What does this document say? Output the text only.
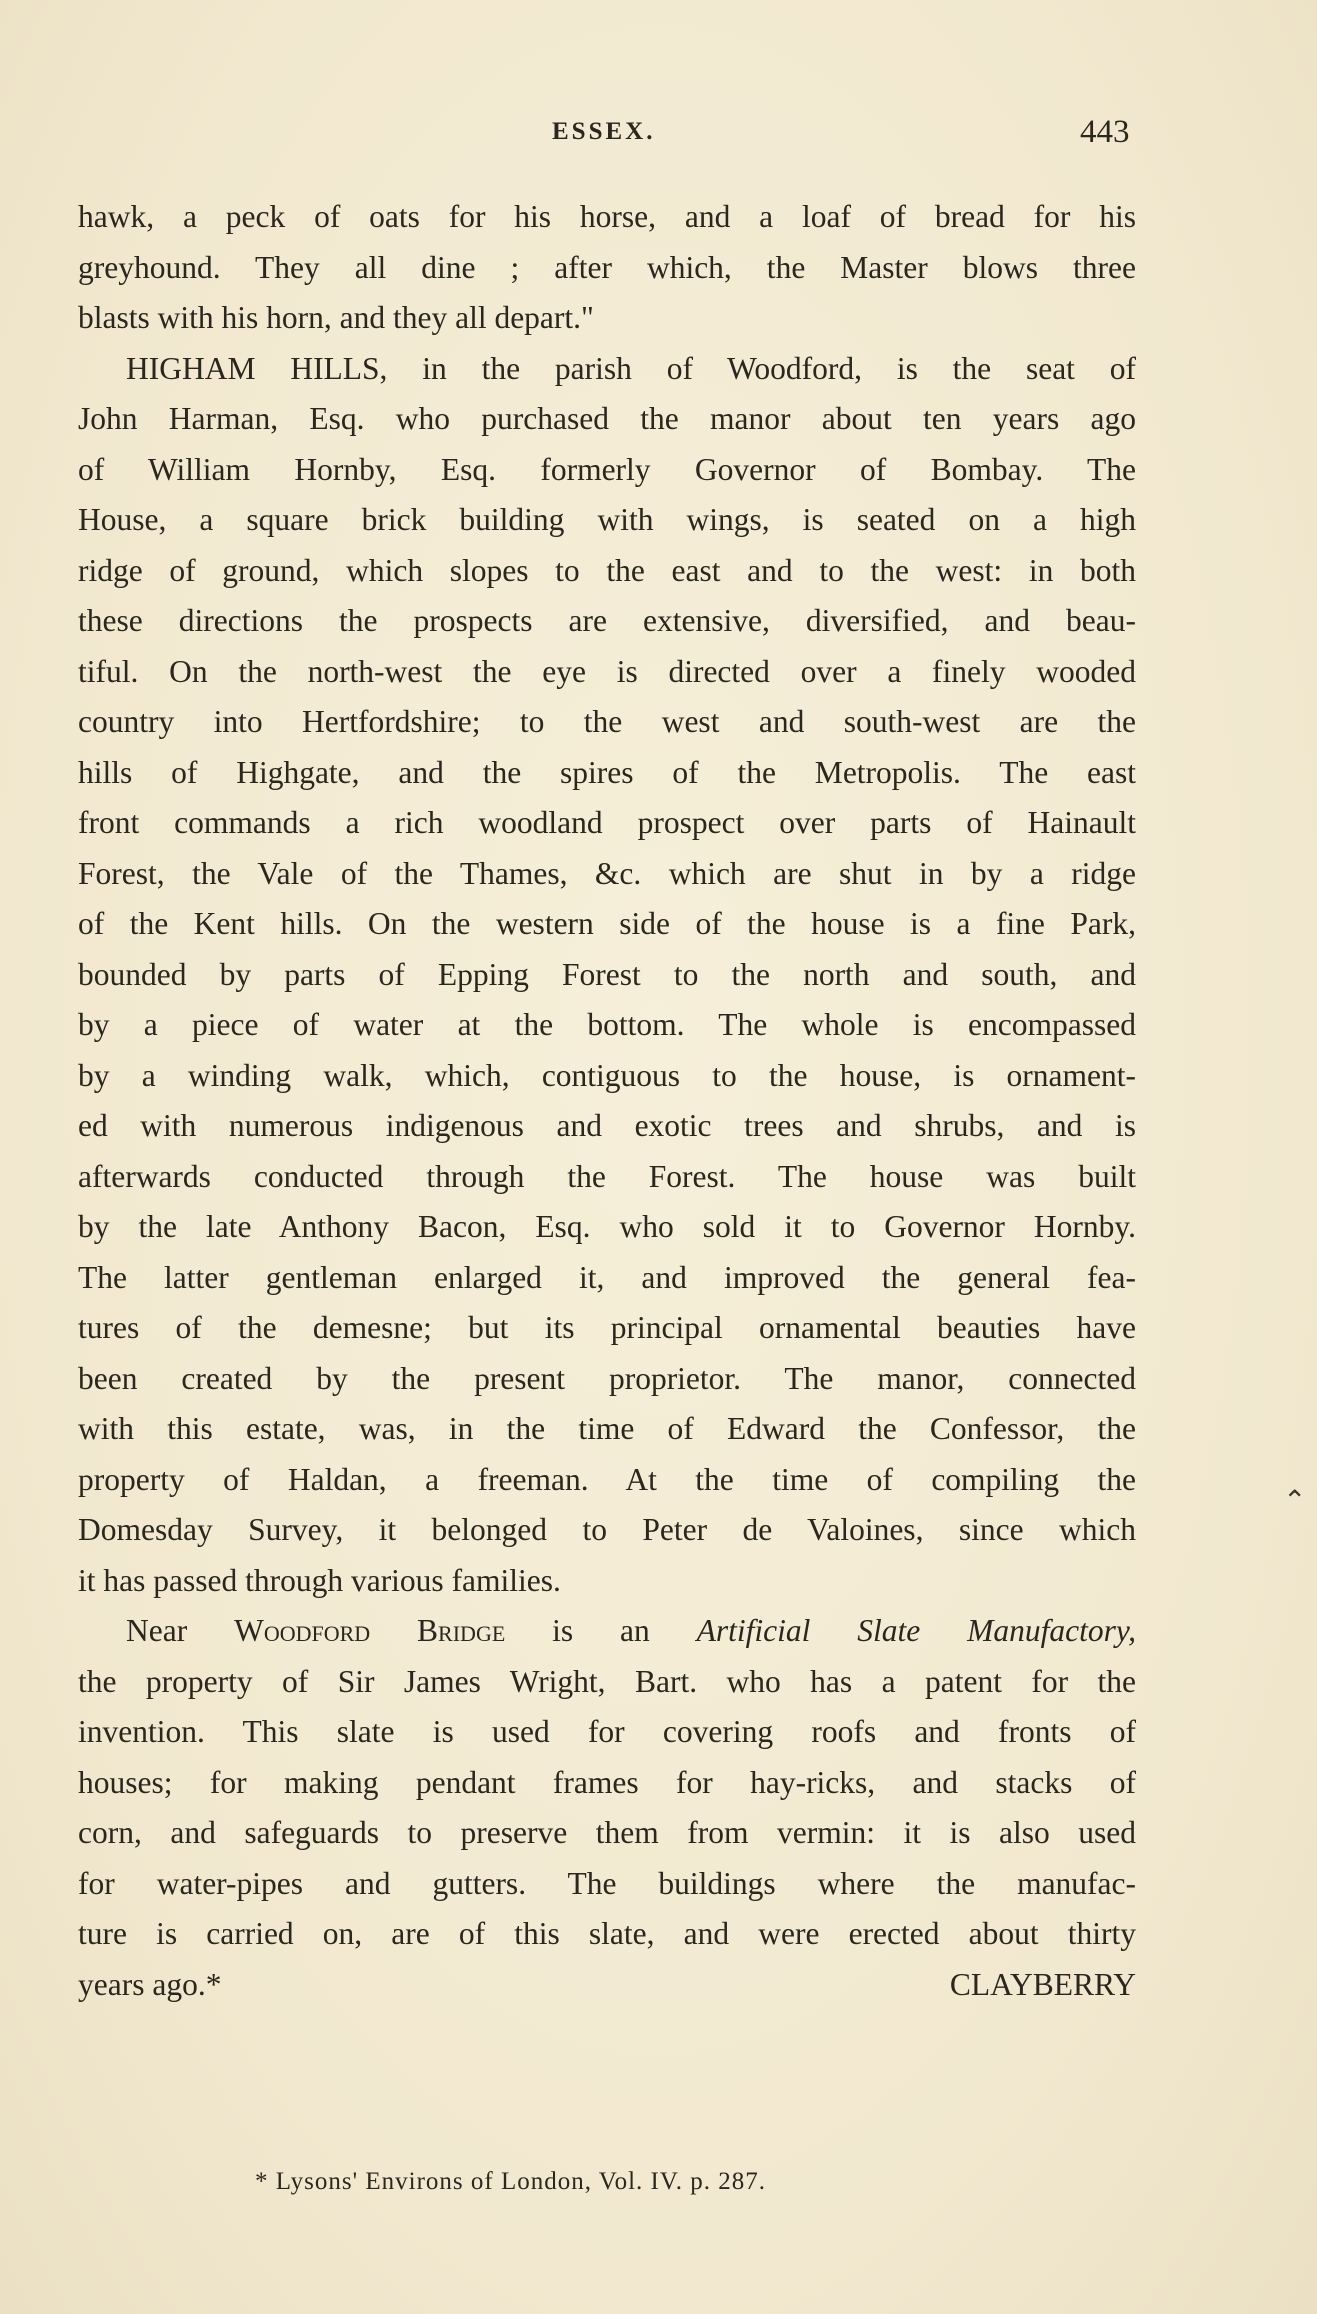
ESSEX.	443
hawk, a peck of oats for his horse, and a loaf of bread for his
greyhound. They all dine ; after which, the Master blows three
blasts with his horn, and they all depart."
HIGHAM HILLS, in the parish of Woodford, is the seat of
John Harman, Esq. who purchased the manor about ten years ago
of William Hornby, Esq. formerly Governor of Bombay. The
House, a square brick building with wings, is seated on a high
ridge of ground, which slopes to the east and to the west: in both
these directions the prospects are extensive, diversified, and beau-
tiful. On the north-west the eye is directed over a finely wooded
country into Hertfordshire; to the west and south-west are the
hills of Highgate, and the spires of the Metropolis. The east
front commands a rich woodland prospect over parts of Hainault
Forest, the Vale of the Thames, &c. which are shut in by a ridge
of the Kent hills. On the western side of the house is a fine Park,
bounded by parts of Epping Forest to the north and south, and
by a piece of water at the bottom. The whole is encompassed
by a winding walk, which, contiguous to the house, is ornament-
ed with numerous indigenous and exotic trees and shrubs, and is
afterwards conducted through the Forest. The house was built
by the late Anthony Bacon, Esq. who sold it to Governor Hornby.
The latter gentleman enlarged it, and improved the general fea-
tures of the demesne; but its principal ornamental beauties have
been created by the present proprietor. The manor, connected
with this estate, was, in the time of Edward the Confessor, the
property of Haldan, a freeman. At the time of compiling the
Domesday Survey, it belonged to Peter de Valoines, since which
it has passed through various families.
Near Woodford Bridge is an Artificial Slate Manufactory,
the property of Sir James Wright, Bart. who has a patent for the
invention. This slate is used for covering roofs and fronts of
houses; for making pendant frames for hay-ricks, and stacks of
corn, and safeguards to preserve them from vermin: it is also used
for water-pipes and gutters. The buildings where the manufac-
ture is carried on, are of this slate, and were erected about thirty
years ago.*	CLAYBERRY
* Lysons' Environs of London, Vol. IV. p. 287.
⌃
